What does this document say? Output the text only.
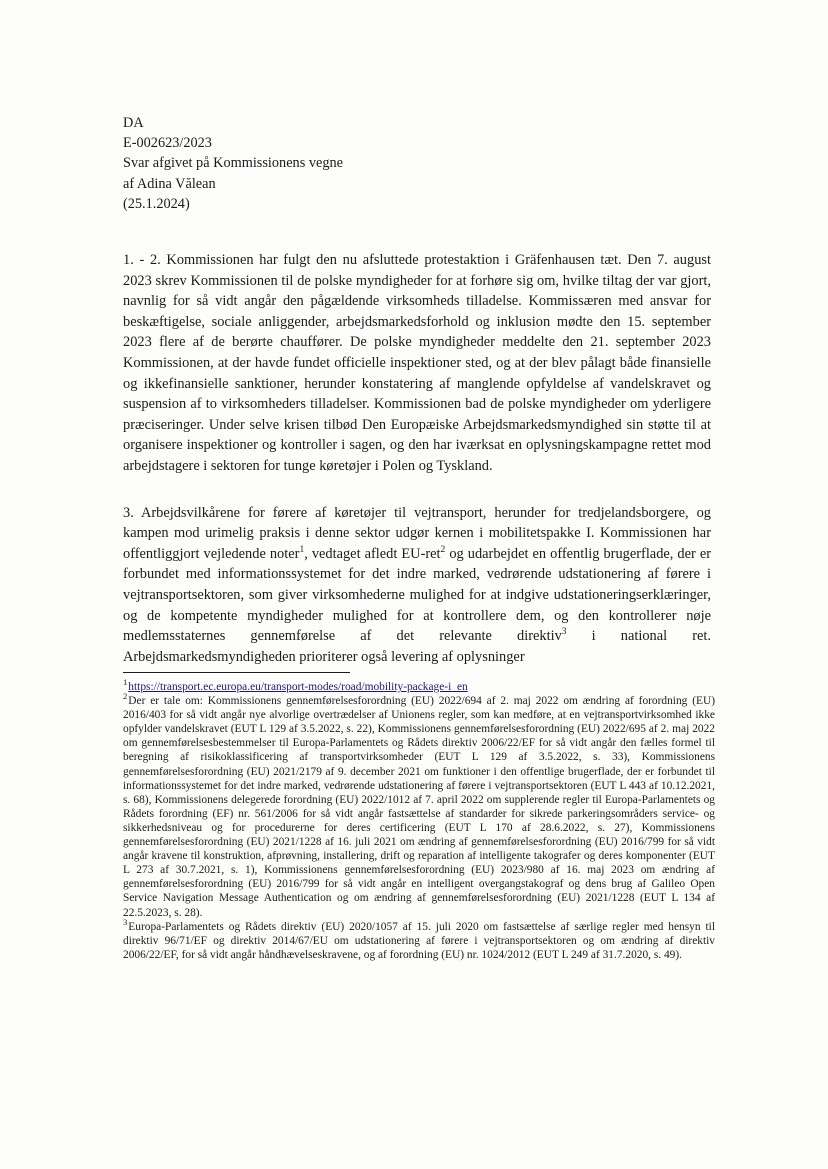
DA
E-002623/2023
Svar afgivet på Kommissionens vegne
af Adina Vălean
(25.1.2024)

1. - 2. Kommissionen har fulgt den nu afsluttede protestaktion i Gräfenhausen tæt. Den 7. august 2023 skrev Kommissionen til de polske myndigheder for at forhøre sig om, hvilke tiltag der var gjort, navnlig for så vidt angår den pågældende virksomheds tilladelse. Kommissæren med ansvar for beskæftigelse, sociale anliggender, arbejdsmarkedsforhold og inklusion mødte den 15. september 2023 flere af de berørte chauffører. De polske myndigheder meddelte den 21. september 2023 Kommissionen, at der havde fundet officielle inspektioner sted, og at der blev pålagt både finansielle og ikkefinansielle sanktioner, herunder konstatering af manglende opfyldelse af vandelskravet og suspension af to virksomheders tilladelser. Kommissionen bad de polske myndigheder om yderligere præciseringer. Under selve krisen tilbød Den Europæiske Arbejdsmarkedsmyndighed sin støtte til at organisere inspektioner og kontroller i sagen, og den har iværksat en oplysningskampagne rettet mod arbejdstagere i sektoren for tunge køretøjer i Polen og Tyskland.

3. Arbejdsvilkårene for førere af køretøjer til vejtransport, herunder for tredjelandsborgere, og kampen mod urimelig praksis i denne sektor udgør kernen i mobilitetspakke I. Kommissionen har offentliggjort vejledende noter$^1$, vedtaget afledt EU-ret$^2$ og udarbejdet en offentlig brugerflade, der er forbundet med informationssystemet for det indre marked, vedrørende udstationering af førere i vejtransportsektoren, som giver virksomhederne mulighed for at indgive udstationeringserklæringer, og de kompetente myndigheder mulighed for at kontrollere dem, og den kontrollerer nøje medlemsstaternes gennemførelse af det relevante direktiv$^3$ i national ret. Arbejdsmarkedsmyndigheden prioriterer også levering af oplysninger

$^1$https://transport.ec.europa.eu/transport-modes/road/mobility-package-i_en
$^2$Der er tale om: Kommissionens gennemførelsesforordning (EU) 2022/694 af 2. maj 2022 om ændring af forordning (EU) 2016/403 for så vidt angår nye alvorlige overtrædelser af Unionens regler, som kan medføre, at en vejtransportvirksomhed ikke opfylder vandelskravet (EUT L 129 af 3.5.2022, s. 22), Kommissionens gennemførelsesforordning (EU) 2022/695 af 2. maj 2022 om gennemførelsesbestemmelser til Europa-Parlamentets og Rådets direktiv 2006/22/EF for så vidt angår den fælles formel til beregning af risikoklassificering af transportvirksomheder (EUT L 129 af 3.5.2022, s. 33), Kommissionens gennemførelsesforordning (EU) 2021/2179 af 9. december 2021 om funktioner i den offentlige brugerflade, der er forbundet til informationssystemet for det indre marked, vedrørende udstationering af førere i vejtransportsektoren (EUT L 443 af 10.12.2021, s. 68), Kommissionens delegerede forordning (EU) 2022/1012 af 7. april 2022 om supplerende regler til Europa-Parlamentets og Rådets forordning (EF) nr. 561/2006 for så vidt angår fastsættelse af standarder for sikrede parkeringsområders service- og sikkerhedsniveau og for procedurerne for deres certificering (EUT L 170 af 28.6.2022, s. 27), Kommissionens gennemførelsesforordning (EU) 2021/1228 af 16. juli 2021 om ændring af gennemførelsesforordning (EU) 2016/799 for så vidt angår kravene til konstruktion, afprøvning, installering, drift og reparation af intelligente takografer og deres komponenter (EUT L 273 af 30.7.2021, s. 1), Kommissionens gennemførelsesforordning (EU) 2023/980 af 16. maj 2023 om ændring af gennemførelsesforordning (EU) 2016/799 for så vidt angår en intelligent overgangstakograf og dens brug af Galileo Open Service Navigation Message Authentication og om ændring af gennemførelsesforordning (EU) 2021/1228 (EUT L 134 af 22.5.2023, s. 28).
$^3$Europa-Parlamentets og Rådets direktiv (EU) 2020/1057 af 15. juli 2020 om fastsættelse af særlige regler med hensyn til direktiv 96/71/EF og direktiv 2014/67/EU om udstationering af førere i vejtransportsektoren og om ændring af direktiv 2006/22/EF, for så vidt angår håndhævelseskravene, og af forordning (EU) nr. 1024/2012 (EUT L 249 af 31.7.2020, s. 49).
